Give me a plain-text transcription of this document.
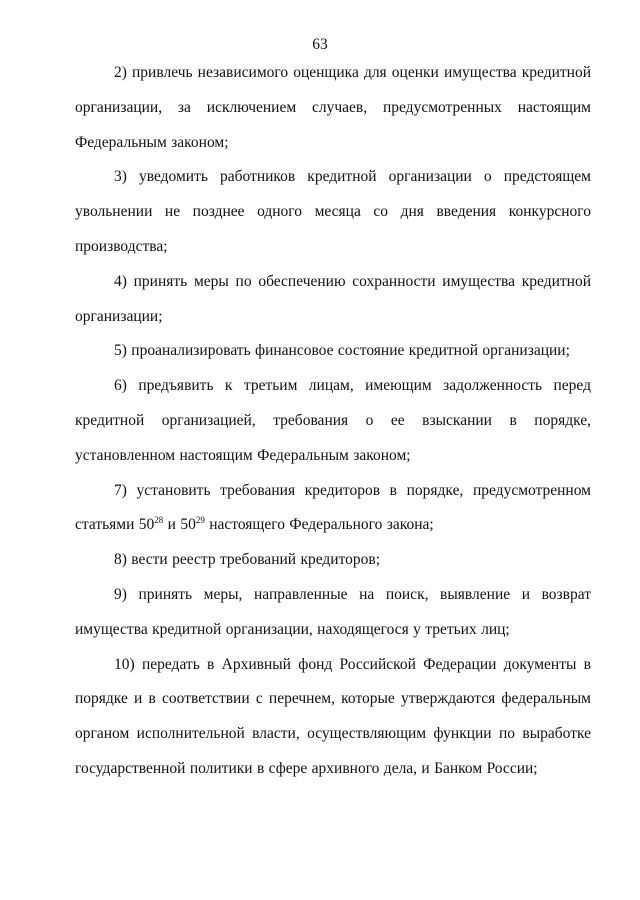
63

2) привлечь независимого оценщика для оценки имущества кредитной организации, за исключением случаев, предусмотренных настоящим Федеральным законом;

3) уведомить работников кредитной организации о предстоящем увольнении не позднее одного месяца со дня введения конкурсного производства;

4) принять меры по обеспечению сохранности имущества кредитной организации;

5) проанализировать финансовое состояние кредитной организации;

6) предъявить к третьим лицам, имеющим задолженность перед кредитной организацией, требования о ее взыскании в порядке, установленном настоящим Федеральным законом;

7) установить требования кредиторов в порядке, предусмотренном статьями $50^{28}$ и $50^{29}$ настоящего Федерального закона;

8) вести реестр требований кредиторов;

9) принять меры, направленные на поиск, выявление и возврат имущества кредитной организации, находящегося у третьих лиц;

10) передать в Архивный фонд Российской Федерации документы в порядке и в соответствии с перечнем, которые утверждаются федеральным органом исполнительной власти, осуществляющим функции по выработке государственной политики в сфере архивного дела, и Банком России;
